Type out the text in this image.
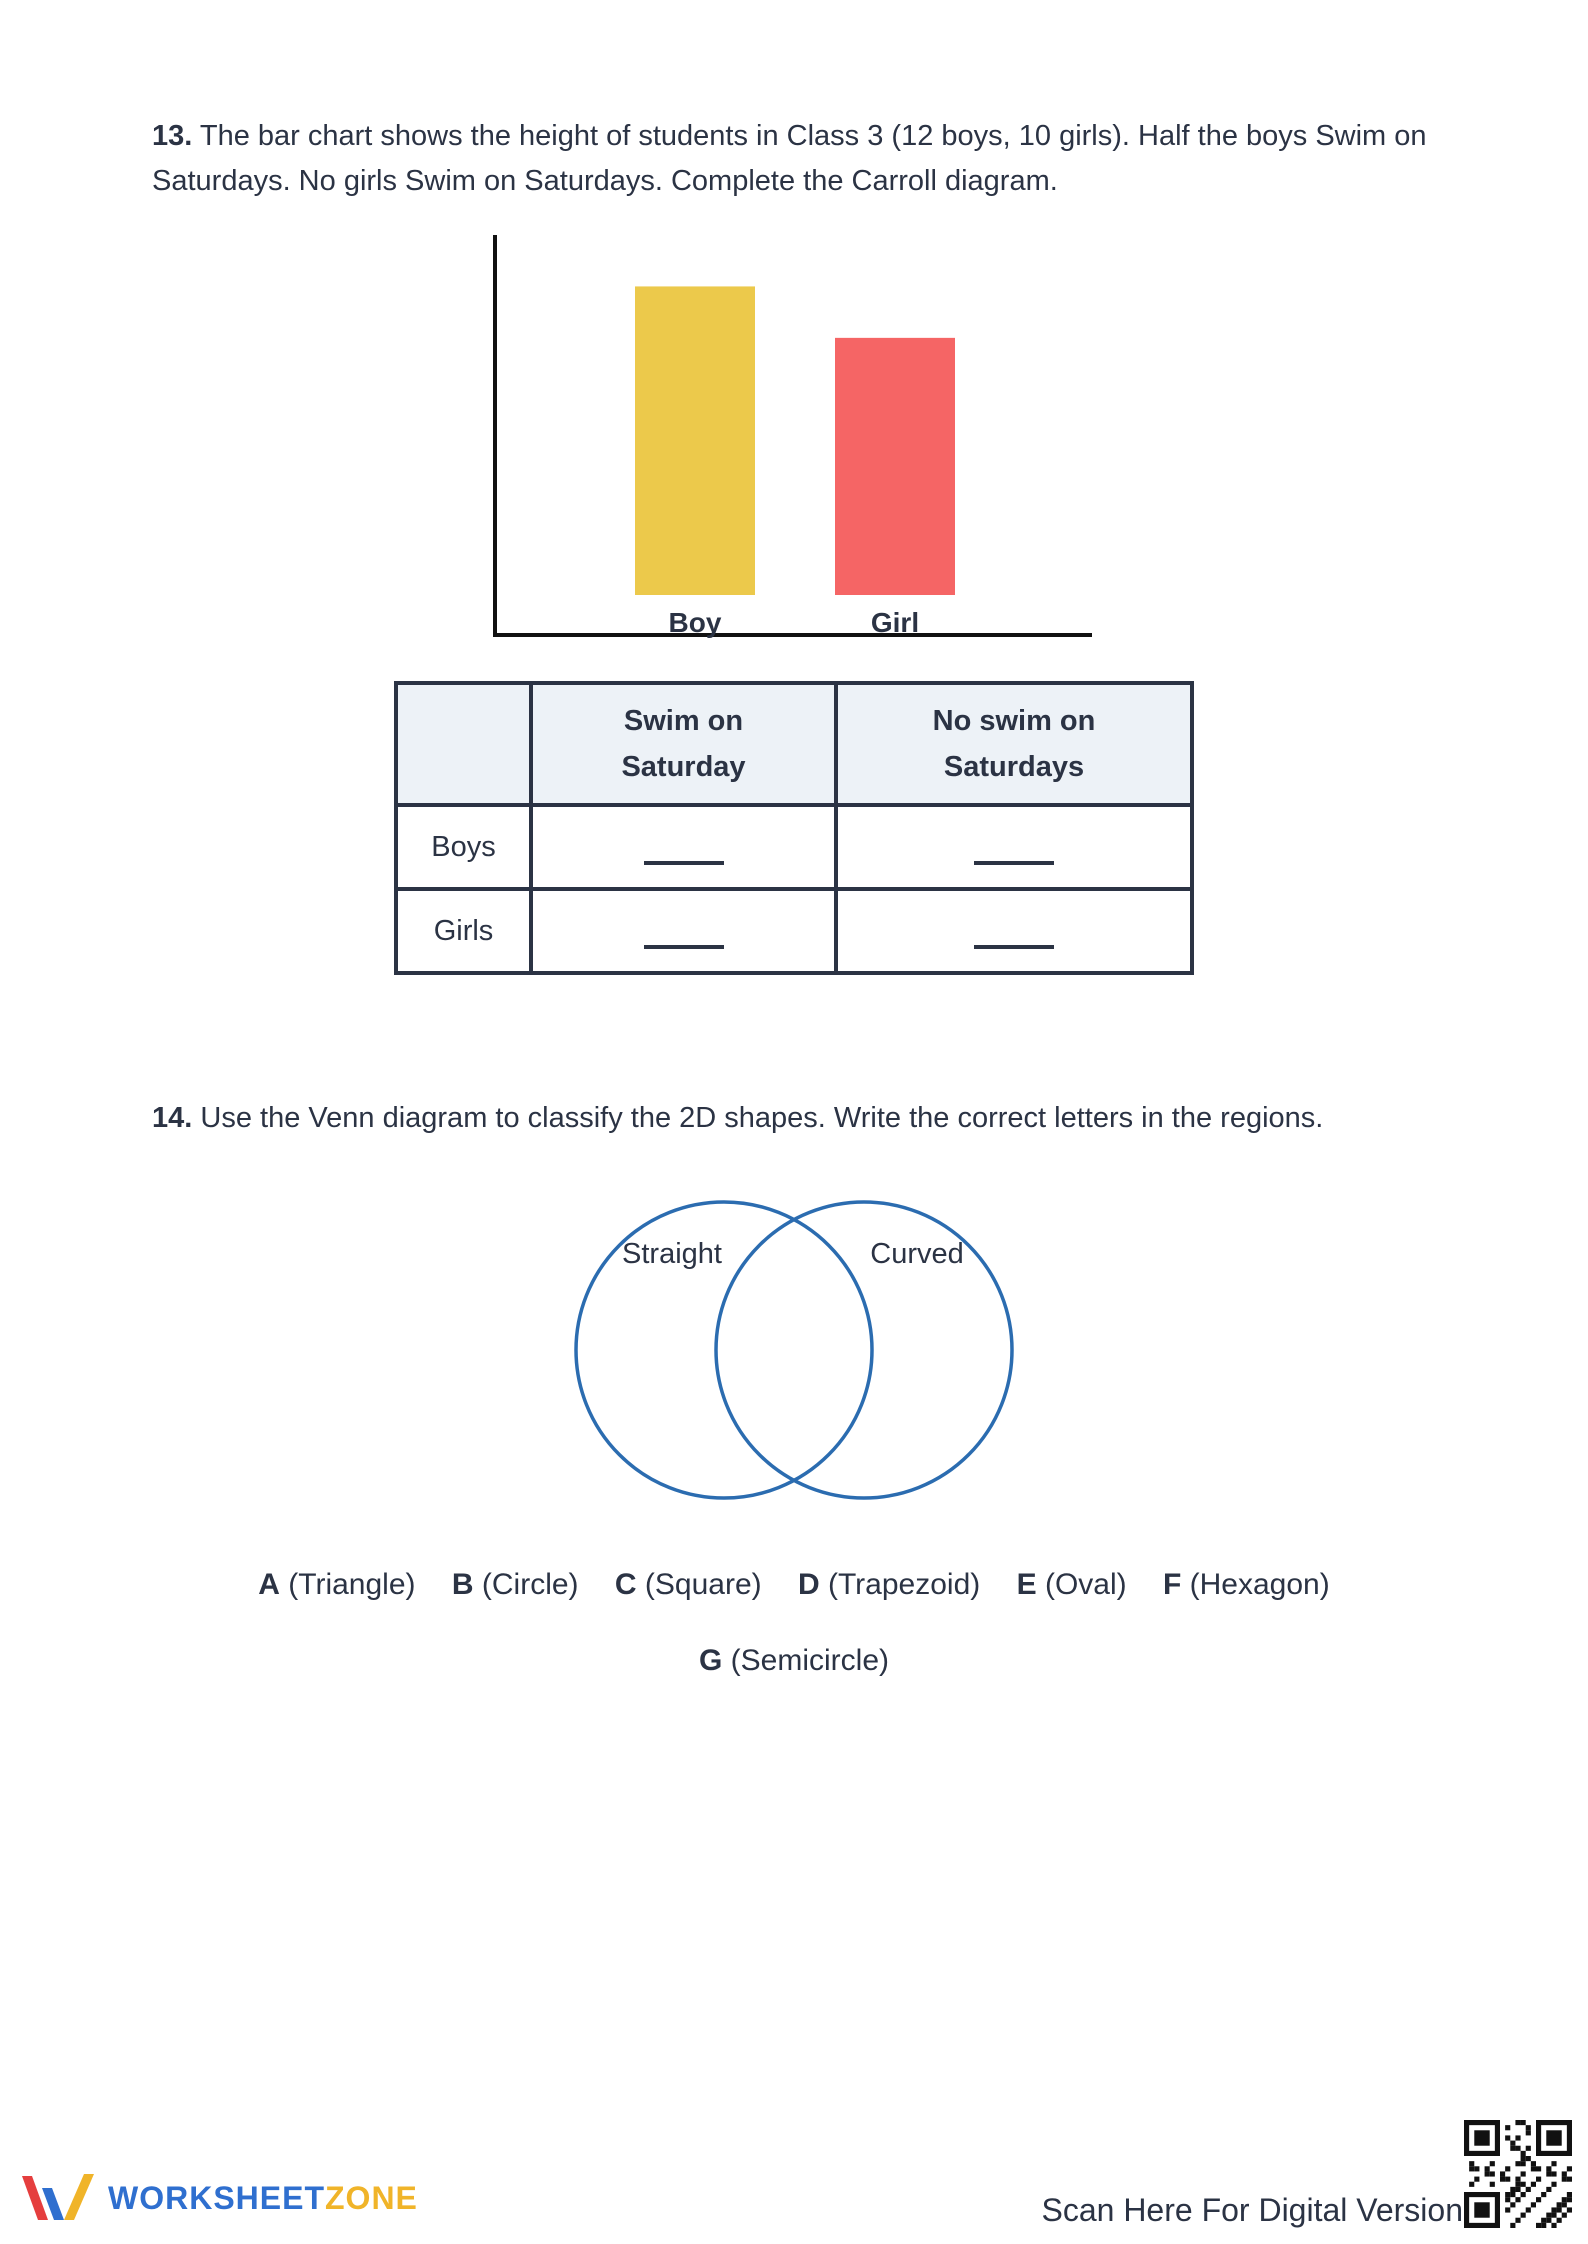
13. The bar chart shows the height of students in Class 3 (12 boys, 10 girls). Half the boys Swim on Saturdays. No girls Swim on Saturdays. Complete the Carroll diagram.
Boy	Girl

	Swim on Saturday	No swim on Saturdays

Boys		
Girls		
14. Use the Venn diagram to classify the 2D shapes. Write the correct letters in the regions.
Straight	Curved
A (Triangle) B (Circle) C (Square) D (Trapezoid) E (Oval) F (Hexagon)
G (Semicircle)
WORKSHEETZONE	Scan Here For Digital Version
